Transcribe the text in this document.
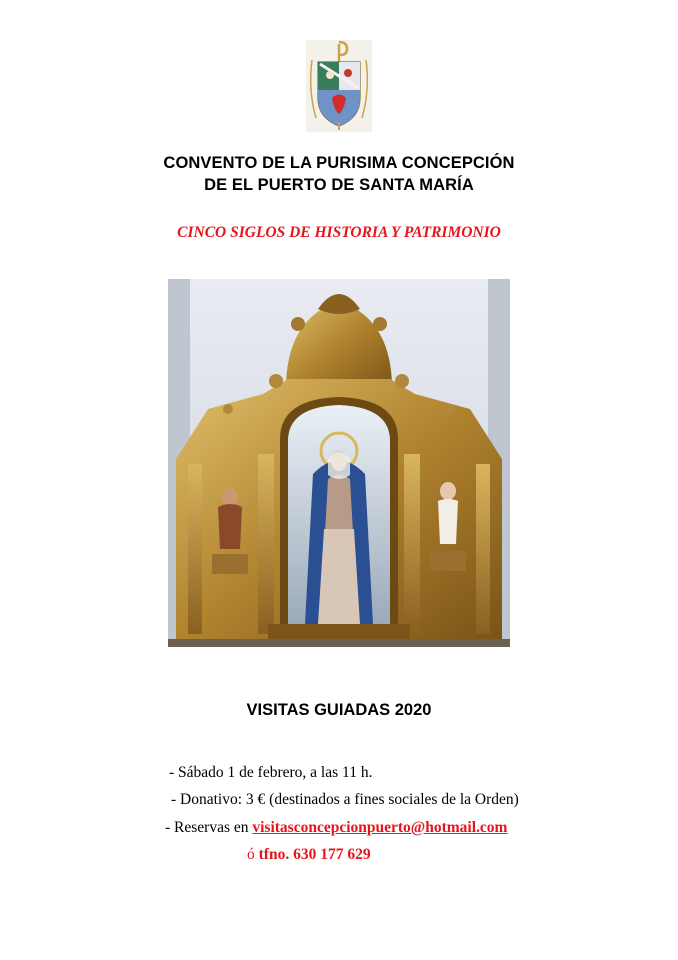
CONVENTO DE LA PURISIMA CONCEPCIÓN
DE EL PUERTO DE SANTA MARÍA
CINCO SIGLOS DE HISTORIA Y PATRIMONIO
VISITAS GUIADAS 2020
- Sábado 1 de febrero, a las 11 h.
- Donativo: 3 € (destinados a fines sociales de la Orden)
- Reservas en visitasconcepcionpuerto@hotmail.com
ó tfno. 630 177 629
